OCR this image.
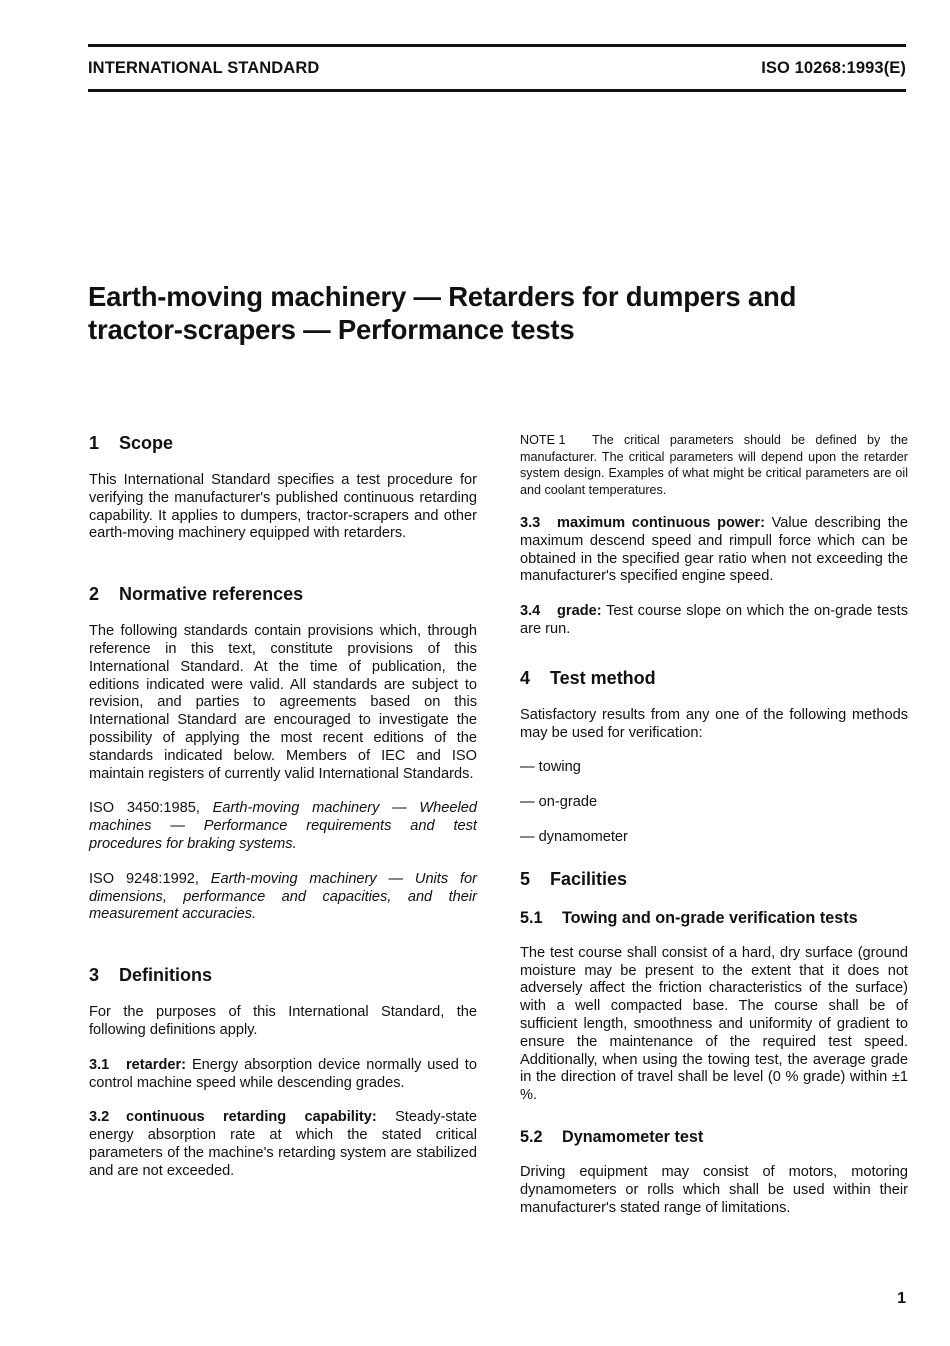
INTERNATIONAL STANDARD	ISO 10268:1993(E)
Earth-moving machinery — Retarders for dumpers and
tractor-scrapers — Performance tests
1 Scope

This International Standard specifies a test procedure for verifying the manufacturer's published continuous retarding capability. It applies to dumpers, tractor-scrapers and other earth-moving machinery equipped with retarders.

2 Normative references

The following standards contain provisions which, through reference in this text, constitute provisions of this International Standard. At the time of publication, the editions indicated were valid. All standards are subject to revision, and parties to agreements based on this International Standard are encouraged to investigate the possibility of applying the most recent editions of the standards indicated below. Members of IEC and ISO maintain registers of currently valid International Standards.

ISO 3450:1985, Earth-moving machinery — Wheeled machines — Performance requirements and test procedures for braking systems.

ISO 9248:1992, Earth-moving machinery — Units for dimensions, performance and capacities, and their measurement accuracies.

3 Definitions

For the purposes of this International Standard, the following definitions apply.

3.1 retarder: Energy absorption device normally used to control machine speed while descending grades.

3.2 continuous retarding capability: Steady-state energy absorption rate at which the stated critical parameters of the machine's retarding system are stabilized and are not exceeded.

NOTE 1 The critical parameters should be defined by the manufacturer. The critical parameters will depend upon the retarder system design. Examples of what might be critical parameters are oil and coolant temperatures.

3.3 maximum continuous power: Value describing the maximum descend speed and rimpull force which can be obtained in the specified gear ratio when not exceeding the manufacturer's specified engine speed.

3.4 grade: Test course slope on which the on-grade tests are run.

4 Test method

Satisfactory results from any one of the following methods may be used for verification:

— towing

— on-grade

— dynamometer

5 Facilities
5.1 Towing and on-grade verification tests

The test course shall consist of a hard, dry surface (ground moisture may be present to the extent that it does not adversely affect the friction characteristics of the surface) with a well compacted base. The course shall be of sufficient length, smoothness and uniformity of gradient to ensure the maintenance of the required test speed. Additionally, when using the towing test, the average grade in the direction of travel shall be level (0 % grade) within ±1 %.

5.2 Dynamometer test

Driving equipment may consist of motors, motoring dynamometers or rolls which shall be used within their manufacturer's stated range of limitations.

1
